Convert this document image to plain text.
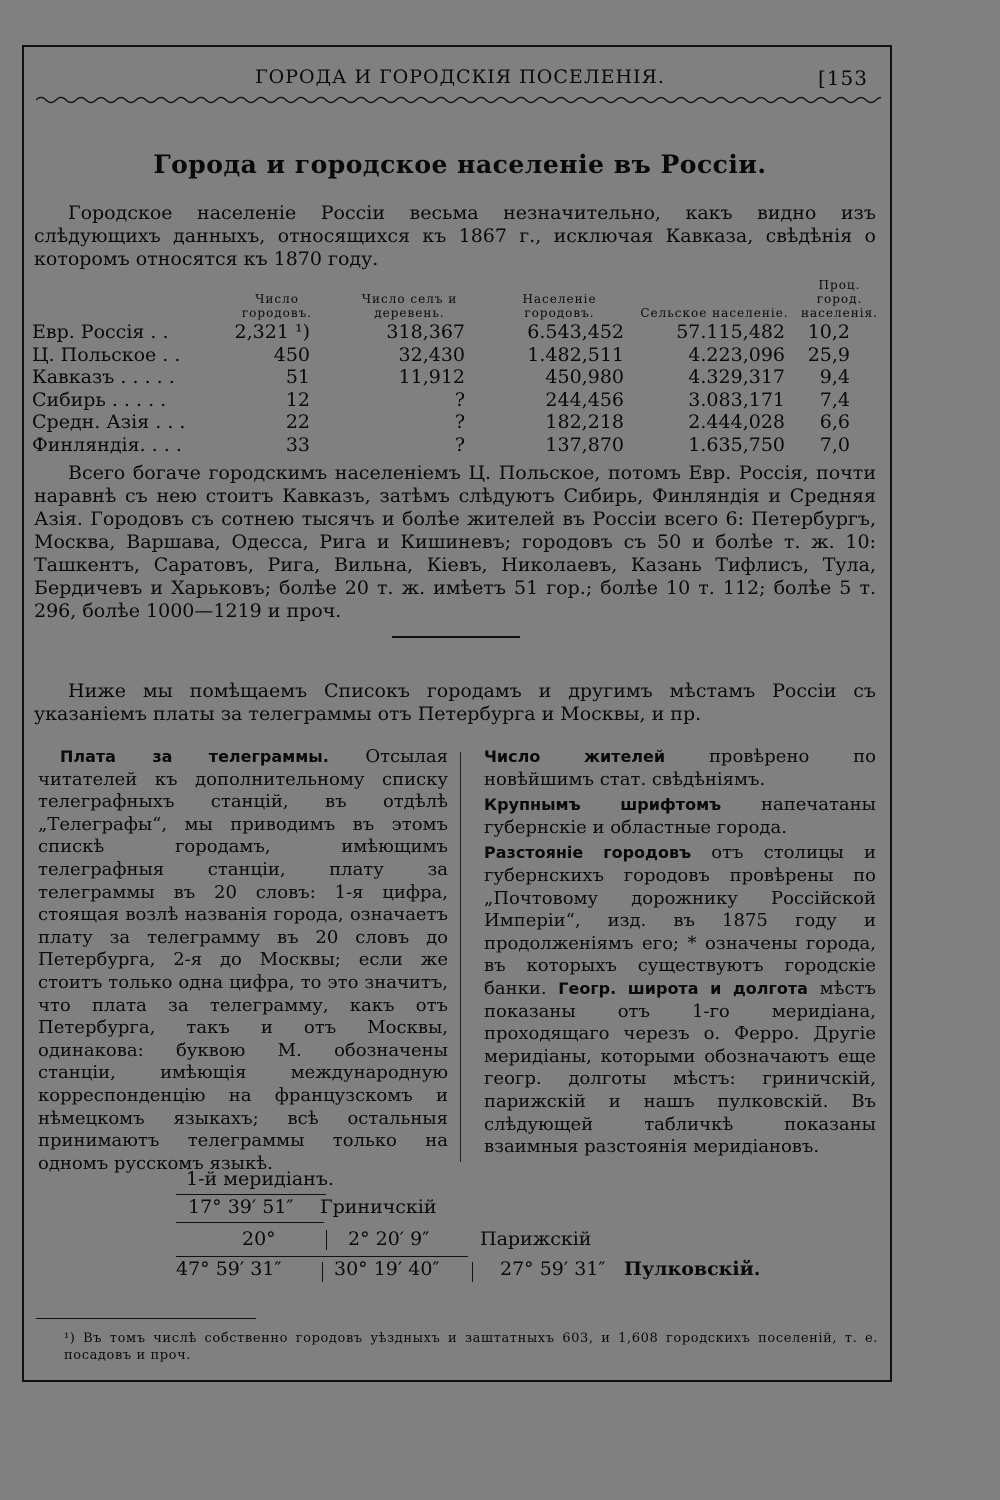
ГОРОДА И ГОРОДСКІЯ ПОСЕЛЕНІЯ.	[153
Города и городское населеніе въ Россіи.
Городское населеніе Россіи весьма незначительно, какъ видно изъ слѣдующихъ данныхъ, относящихся къ 1867 г., исключая Кавказа, свѣдѣнія о которомъ относятся къ 1870 году.
	Число городовъ.	Число селъ и деревень.	Населеніе городовъ.	Сельское населеніе.	Проц. город. населенія.
Евр. Россія . .	2,321 ¹)	318,367	6.543,452	57.115,482	10,2
Ц. Польское . .	450	32,430	1.482,511	4.223,096	25,9
Кавказъ . . . . .	51	11,912	450,980	4.329,317	9,4
Сибирь . . . . .	12	?	244,456	3.083,171	7,4
Средн. Азія . . .	22	?	182,218	2.444,028	6,6
Финляндія. . . .	33	?	137,870	1.635,750	7,0
Всего богаче городскимъ населеніемъ Ц. Польское, потомъ Евр. Россія, почти наравнѣ съ нею стоитъ Кавказъ, затѣмъ слѣдуютъ Сибирь, Финляндія и Средняя Азія. Городовъ съ сотнею тысячъ и болѣе жителей въ Россіи всего 6: Петербургъ, Москва, Варшава, Одесса, Рига и Кишиневъ; городовъ съ 50 и болѣе т. ж. 10: Ташкентъ, Саратовъ, Рига, Вильна, Кіевъ, Николаевъ, Казань Тифлисъ, Тула, Бердичевъ и Харьковъ; болѣе 20 т. ж. имѣетъ 51 гор.; болѣе 10 т. 112; болѣе 5 т. 296, болѣе 1000—1219 и проч.
Ниже мы помѣщаемъ Списокъ городамъ и другимъ мѣстамъ Россіи съ указаніемъ платы за телеграммы отъ Петербурга и Москвы, и пр.

Плата за телеграммы. Отсылая читателей къ дополнительному списку телеграфныхъ станцій, въ отдѣлѣ „Телеграфы“, мы приводимъ въ этомъ спискѣ городамъ, имѣющимъ телеграфныя станціи, плату за телеграммы въ 20 словъ: 1-я цифра, стоящая возлѣ названія города, означаетъ плату за телеграмму въ 20 словъ до Петербурга, 2-я до Москвы; если же стоитъ только одна цифра, то это значитъ, что плата за телеграмму, какъ отъ Петербурга, такъ и отъ Москвы, одинакова: буквою М. обозначены станціи, имѣющія международную корреспонденцію на французскомъ и нѣмецкомъ языкахъ; всѣ остальныя принимаютъ телеграммы только на одномъ русскомъ языкѣ.

Число жителей провѣрено по новѣйшимъ стат. свѣдѣніямъ.

Крупнымъ шрифтомъ напечатаны губернскіе и областные города.

Разстояніе городовъ отъ столицы и губернскихъ городовъ провѣрены по „Почтовому дорожнику Россійской Имперіи“, изд. въ 1875 году и продолженіямъ его; * означены города, въ которыхъ существуютъ городскіе банки. Геогр. широта и долгота мѣстъ показаны отъ 1-го меридіана, проходящаго черезъ о. Ферро. Другіе меридіаны, которыми обозначаютъ еще геогр. долготы мѣстъ: гриничскій, парижскій и нашъ пулковскій. Въ слѣдующей табличкѣ показаны взаимныя разстоянія меридіановъ.

1-й меридіанъ.
17° 39′ 51″ Гриничскій
20°	2° 20′ 9″	Парижскій
47° 59′ 31″	30° 19′ 40″	27° 59′ 31″ Пулковскій.
¹) Въ томъ числѣ собственно городовъ уѣздныхъ и заштатныхъ 603, и 1,608 городскихъ поселеній, т. е. посадовъ и проч.
